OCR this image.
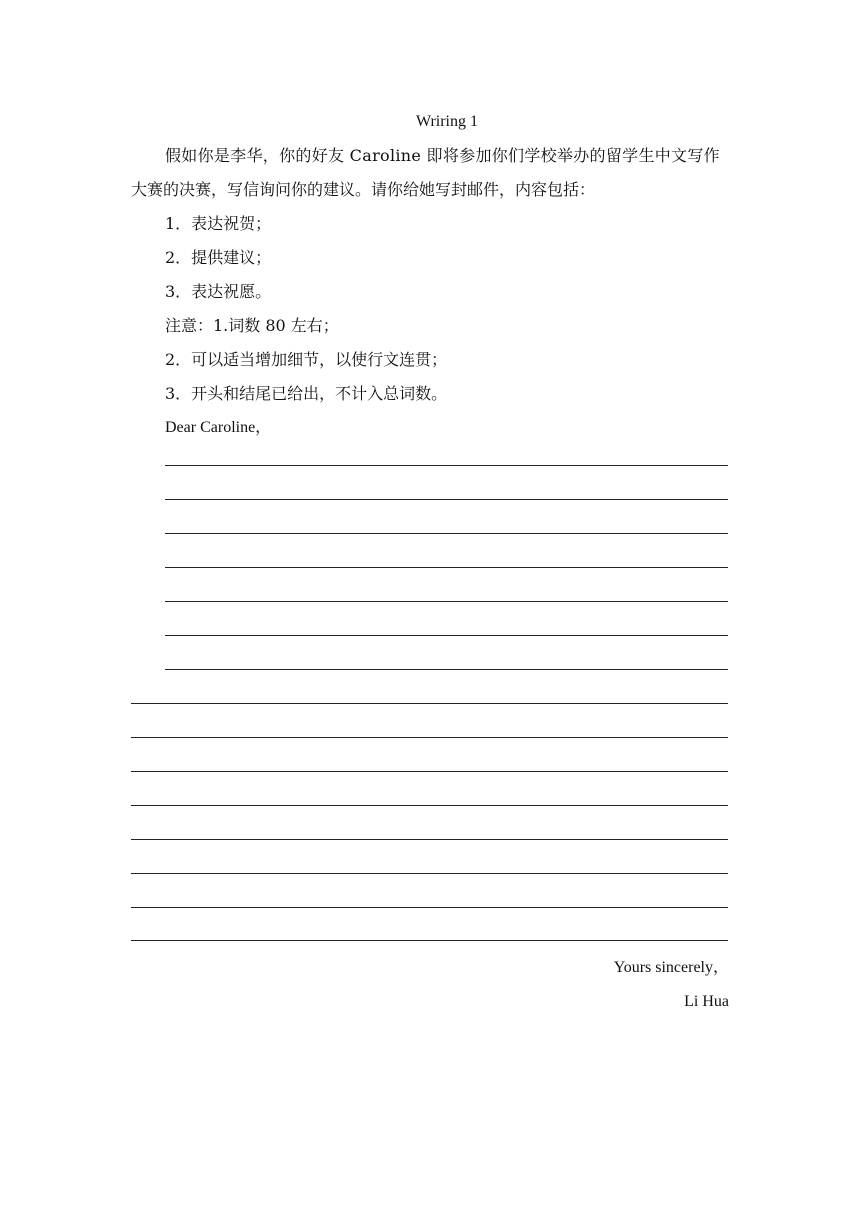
Wriring 1
假如你是李华，你的好友 Caroline 即将参加你们学校举办的留学生中文写作
大赛的决赛，写信询问你的建议。请你给她写封邮件，内容包括：
1．表达祝贺；
2．提供建议；
3．表达祝愿。
注意：1.词数 80 左右；
2．可以适当增加细节，以使行文连贯；
3．开头和结尾已给出，不计入总词数。
Dear Caroline，
Yours sincerely，
Li Hua
